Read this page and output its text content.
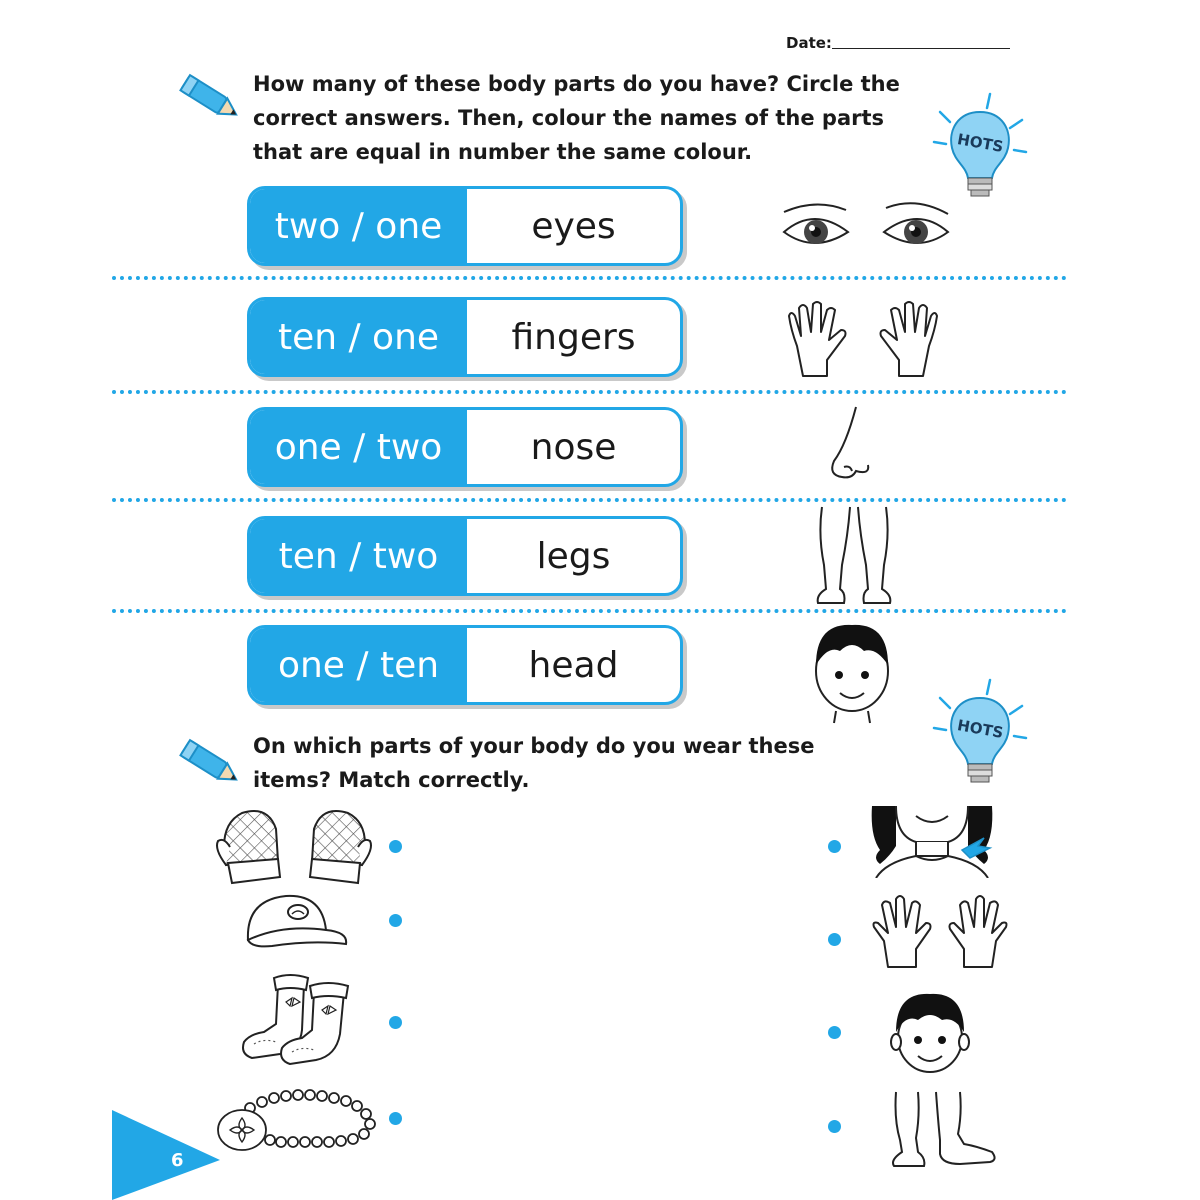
Date:
How many of these body parts do you have? Circle the
correct answers. Then, colour the names of the parts
that are equal in number the same colour.	HOTS
two / one	eyes
ten / one	fingers
one / two	nose
ten / two	legs
one / ten	head
On which parts of your body do you wear these
items? Match correctly.
HOTS
6
